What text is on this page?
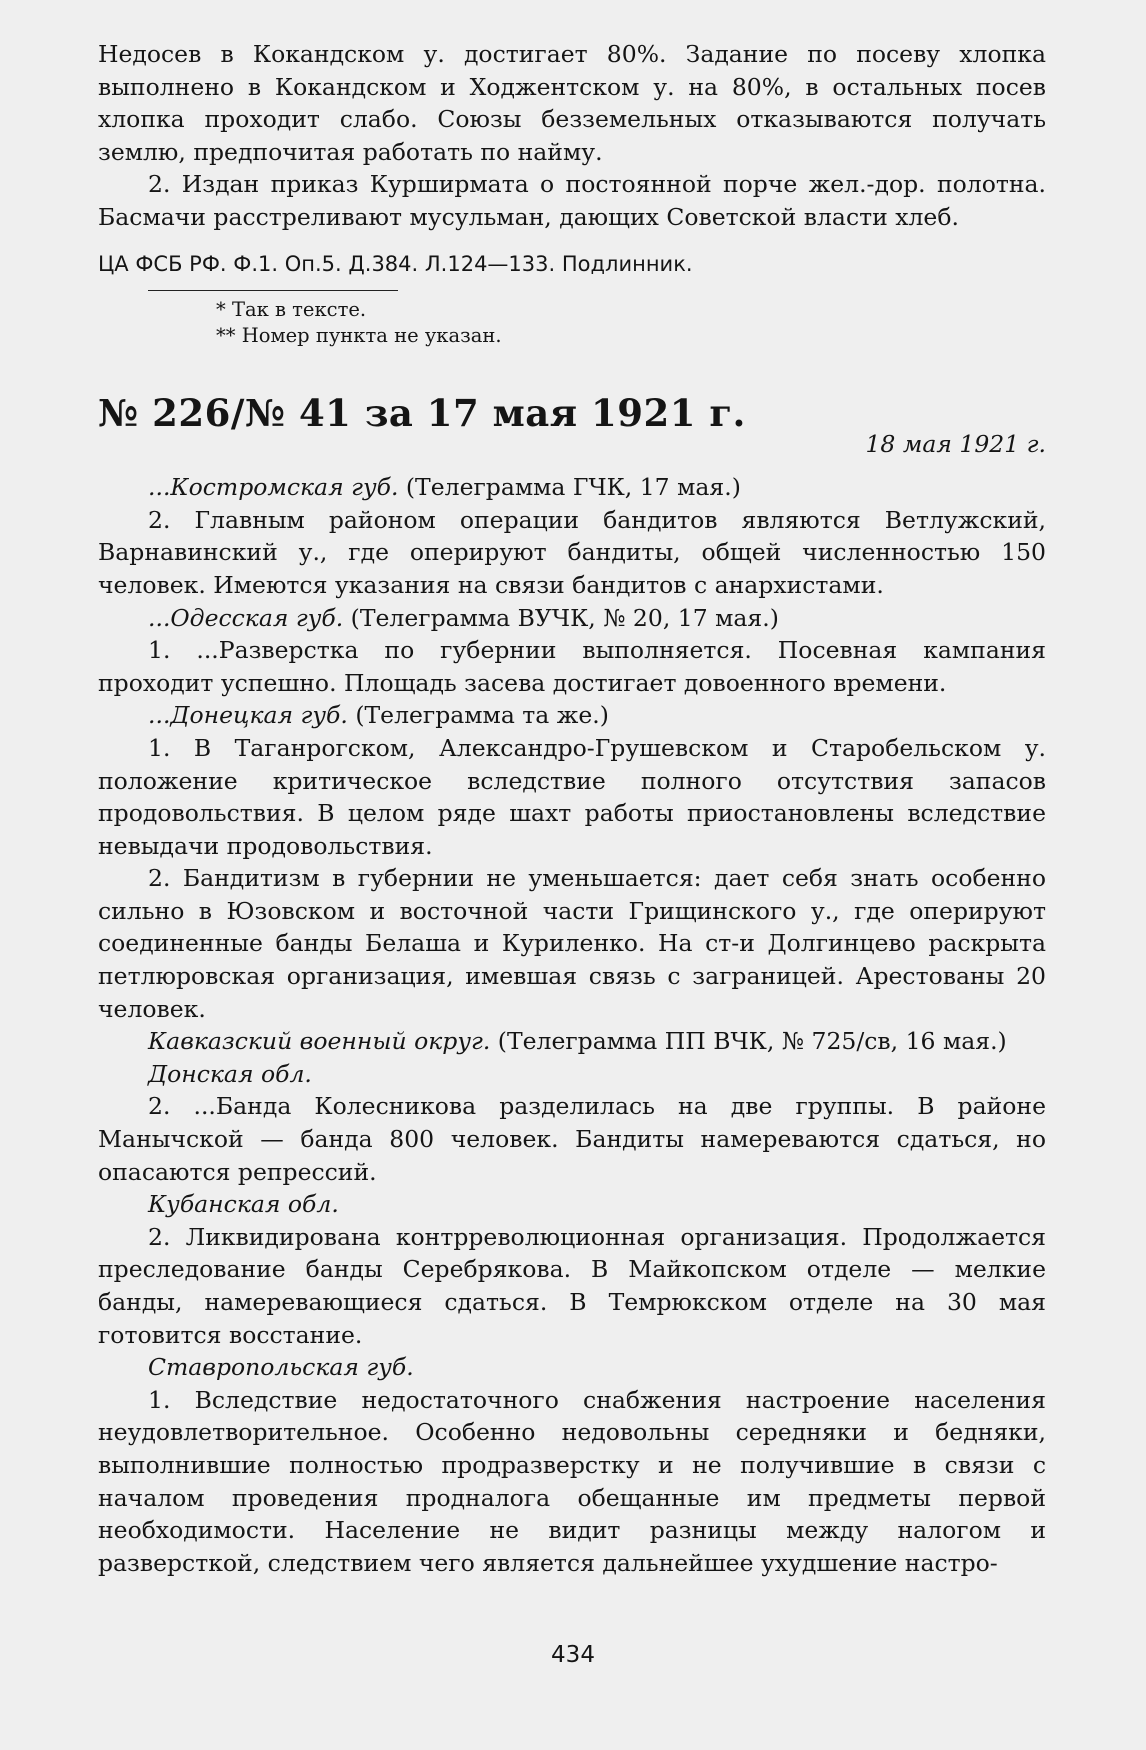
Недосев в Кокандском у. достигает 80%. Задание по посеву хлопка выполнено в Кокандском и Ходжентском у. на 80%, в остальных посев хлопка проходит слабо. Союзы безземельных отказываются получать землю, предпочитая работать по найму.

2. Издан приказ Курширмата о постоянной порче жел.-дор. полотна. Басмачи расстреливают мусульман, дающих Советской власти хлеб.

ЦА ФСБ РФ. Ф.1. Оп.5. Д.384. Л.124—133. Подлинник.

* Так в тексте.

** Номер пункта не указан.

№ 226/№ 41 за 17 мая 1921 г.
18 мая 1921 г.

...Костромская губ. (Телеграмма ГЧК, 17 мая.)

2. Главным районом операции бандитов являются Ветлужский, Варнавинский у., где оперируют бандиты, общей численностью 150 человек. Имеются указания на связи бандитов с анархистами.

...Одесская губ. (Телеграмма ВУЧК, № 20, 17 мая.)

1. ...Разверстка по губернии выполняется. Посевная кампания проходит успешно. Площадь засева достигает довоенного времени.

...Донецкая губ. (Телеграмма та же.)

1. В Таганрогском, Александро-Грушевском и Старобельском у. положение критическое вследствие полного отсутствия запасов продовольствия. В целом ряде шахт работы приостановлены вследствие невыдачи продовольствия.

2. Бандитизм в губернии не уменьшается: дает себя знать особенно сильно в Юзовском и восточной части Грищинского у., где оперируют соединенные банды Белаша и Куриленко. На ст-и Долгинцево раскрыта петлюровская организация, имевшая связь с заграницей. Арестованы 20 человек.

Кавказский военный округ. (Телеграмма ПП ВЧК, № 725/св, 16 мая.)

Донская обл.

2. ...Банда Колесникова разделилась на две группы. В районе Манычской — банда 800 человек. Бандиты намереваются сдаться, но опасаются репрессий.

Кубанская обл.

2. Ликвидирована контрреволюционная организация. Продолжается преследование банды Серебрякова. В Майкопском отделе — мелкие банды, намеревающиеся сдаться. В Темрюкском отделе на 30 мая готовится восстание.

Ставропольская губ.

1. Вследствие недостаточного снабжения настроение населения неудовлетворительное. Особенно недовольны середняки и бедняки, выполнившие полностью продразверстку и не получившие в связи с началом проведения продналога обещанные им предметы первой необходимости. Население не видит разницы между налогом и разверсткой, следствием чего является дальнейшее ухудшение настро-

434
